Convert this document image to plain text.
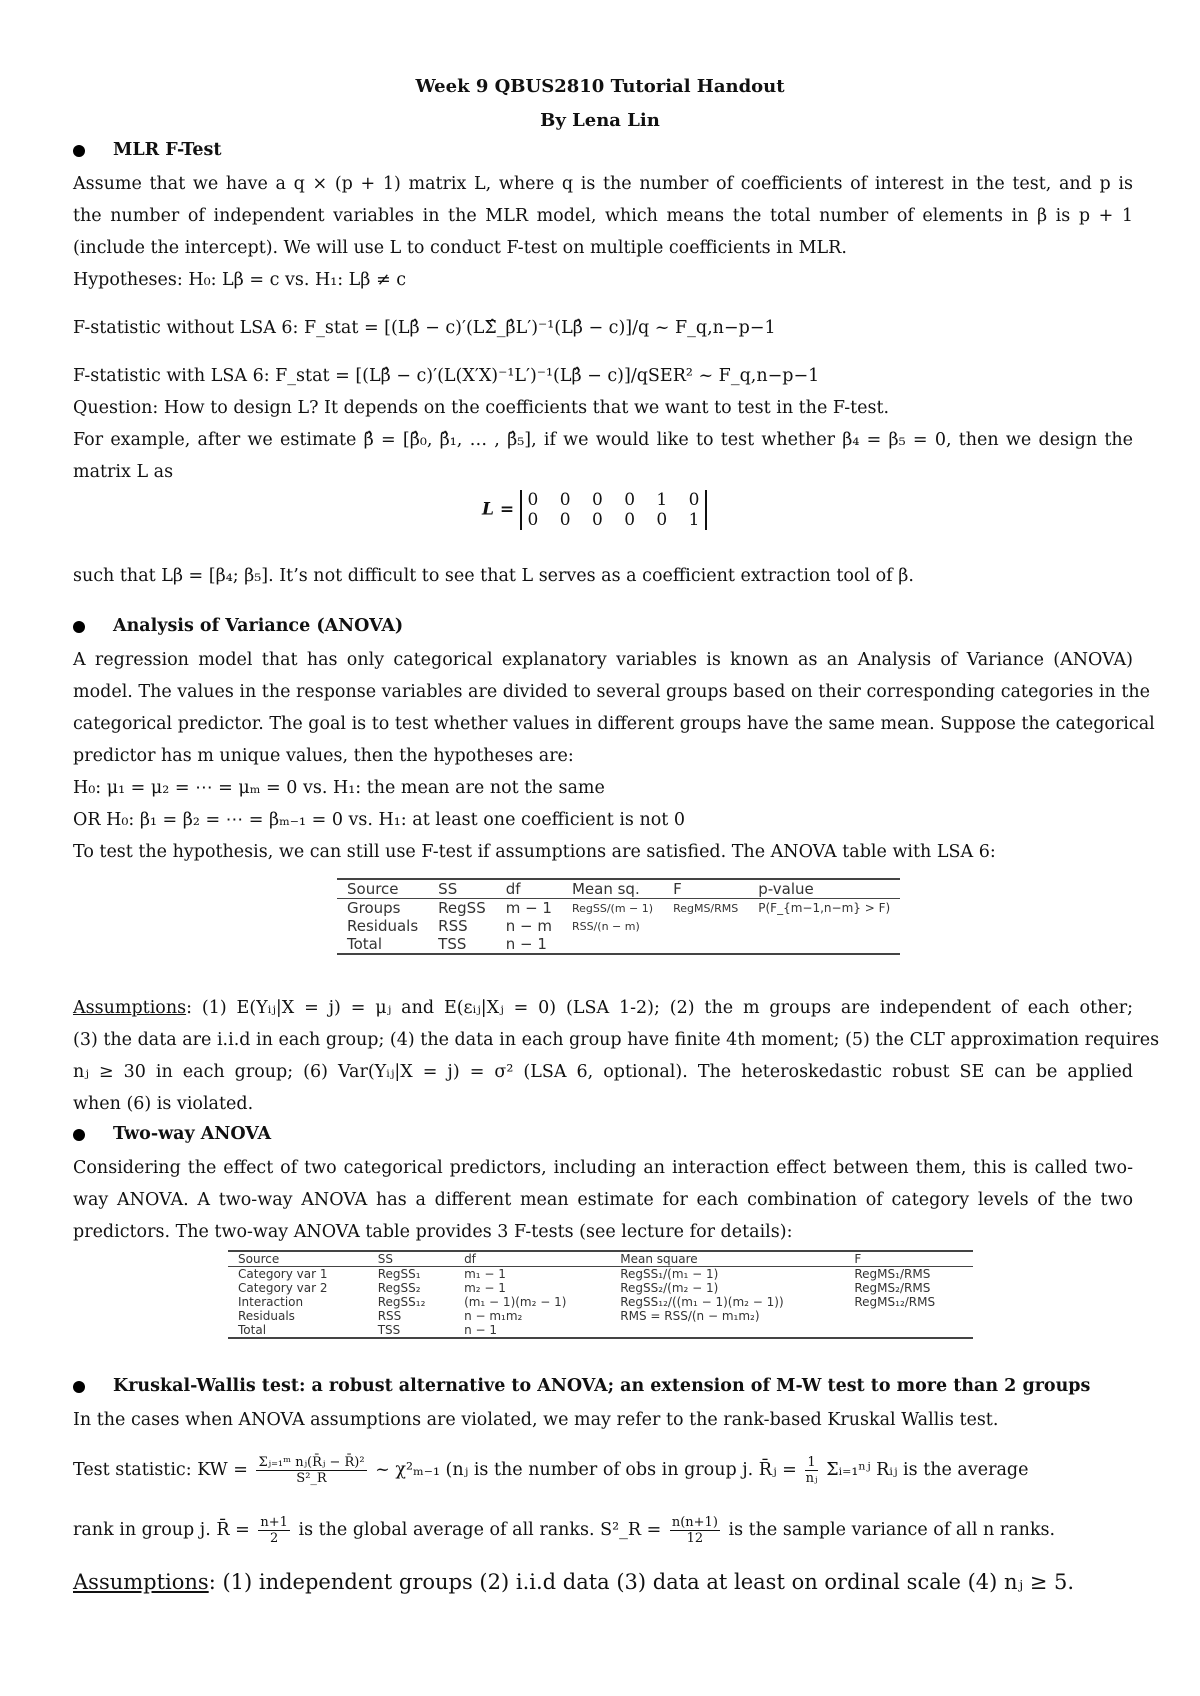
Week 9 QBUS2810 Tutorial Handout
By Lena Lin
MLR F-Test
Assume that we have a q × (p + 1) matrix L, where q is the number of coefficients of interest in the test, and p is
the number of independent variables in the MLR model, which means the total number of elements in β is p + 1
(include the intercept). We will use L to conduct F-test on multiple coefficients in MLR.
Hypotheses: H₀: Lβ = c vs. H₁: Lβ ≠ c
F-statistic without LSA 6: F_stat = [(Lβ̂ − c)′(LΣ̂_β̂L′)⁻¹(Lβ̂ − c)]/q ~ F_q,n−p−1
F-statistic with LSA 6: F_stat = [(Lβ̂ − c)′(L(X′X)⁻¹L′)⁻¹(Lβ̂ − c)]/qSER² ~ F_q,n−p−1
Question: How to design L? It depends on the coefficients that we want to test in the F-test.
For example, after we estimate β̂ = [β̂₀, β̂₁, … , β̂₅], if we would like to test whether β₄ = β₅ = 0, then we design the
matrix L as
L = 0 0 0 0 1 0
0 0 0 0 0 1
such that Lβ = [β₄; β₅]. It’s not difficult to see that L serves as a coefficient extraction tool of β.
Analysis of Variance (ANOVA)
A regression model that has only categorical explanatory variables is known as an Analysis of Variance (ANOVA)
model. The values in the response variables are divided to several groups based on their corresponding categories in the
categorical predictor. The goal is to test whether values in different groups have the same mean. Suppose the categorical
predictor has m unique values, then the hypotheses are:
H₀: μ₁ = μ₂ = ⋯ = μₘ = 0 vs. H₁: the mean are not the same
OR H₀: β₁ = β₂ = ⋯ = βₘ₋₁ = 0 vs. H₁: at least one coefficient is not 0
To test the hypothesis, we can still use F-test if assumptions are satisfied. The ANOVA table with LSA 6:
Source	SS	df	Mean sq.	F	p-value
Groups	RegSS	m − 1	RegSS/(m − 1)	RegMS/RMS	P(F_{m−1,n−m} > F)
Residuals	RSS	n − m	RSS/(n − m)		
Total	TSS	n − 1			
Assumptions: (1) E(Yᵢⱼ|X = j) = μⱼ and E(εᵢⱼ|Xⱼ = 0) (LSA 1-2); (2) the m groups are independent of each other;
(3) the data are i.i.d in each group; (4) the data in each group have finite 4th moment; (5) the CLT approximation requires
nⱼ ≥ 30 in each group; (6) Var(Yᵢⱼ|X = j) = σ² (LSA 6, optional). The heteroskedastic robust SE can be applied
when (6) is violated.
Two-way ANOVA
Considering the effect of two categorical predictors, including an interaction effect between them, this is called two-
way ANOVA. A two-way ANOVA has a different mean estimate for each combination of category levels of the two
predictors. The two-way ANOVA table provides 3 F-tests (see lecture for details):
Source	SS	df	Mean square	F
Category var 1	RegSS₁	m₁ − 1	RegSS₁/(m₁ − 1)	RegMS₁/RMS
Category var 2	RegSS₂	m₂ − 1	RegSS₂/(m₂ − 1)	RegMS₂/RMS
Interaction	RegSS₁₂	(m₁ − 1)(m₂ − 1)	RegSS₁₂/((m₁ − 1)(m₂ − 1))	RegMS₁₂/RMS
Residuals	RSS	n − m₁m₂	RMS = RSS/(n − m₁m₂)	
Total	TSS	n − 1		
Kruskal-Wallis test: a robust alternative to ANOVA; an extension of M-W test to more than 2 groups
In the cases when ANOVA assumptions are violated, we may refer to the rank-based Kruskal Wallis test.
Test statistic: KW = $\frac{\text{Σⱼ₌₁ᵐ nⱼ(R̄ⱼ − R̄)²}}{\text{S²\_R}}$ ~ χ²ₘ₋₁ (nⱼ is the number of obs in group j. R̄ⱼ = $\frac{1}{\text{nⱼ}}$ Σᵢ₌₁ⁿʲ Rᵢⱼ is the average
rank in group j. R̄ = $\frac{n+1}{2}$ is the global average of all ranks. S²_R = $\frac{n(n+1)}{12}$ is the sample variance of all n ranks.
Assumptions: (1) independent groups (2) i.i.d data (3) data at least on ordinal scale (4) nⱼ ≥ 5.
